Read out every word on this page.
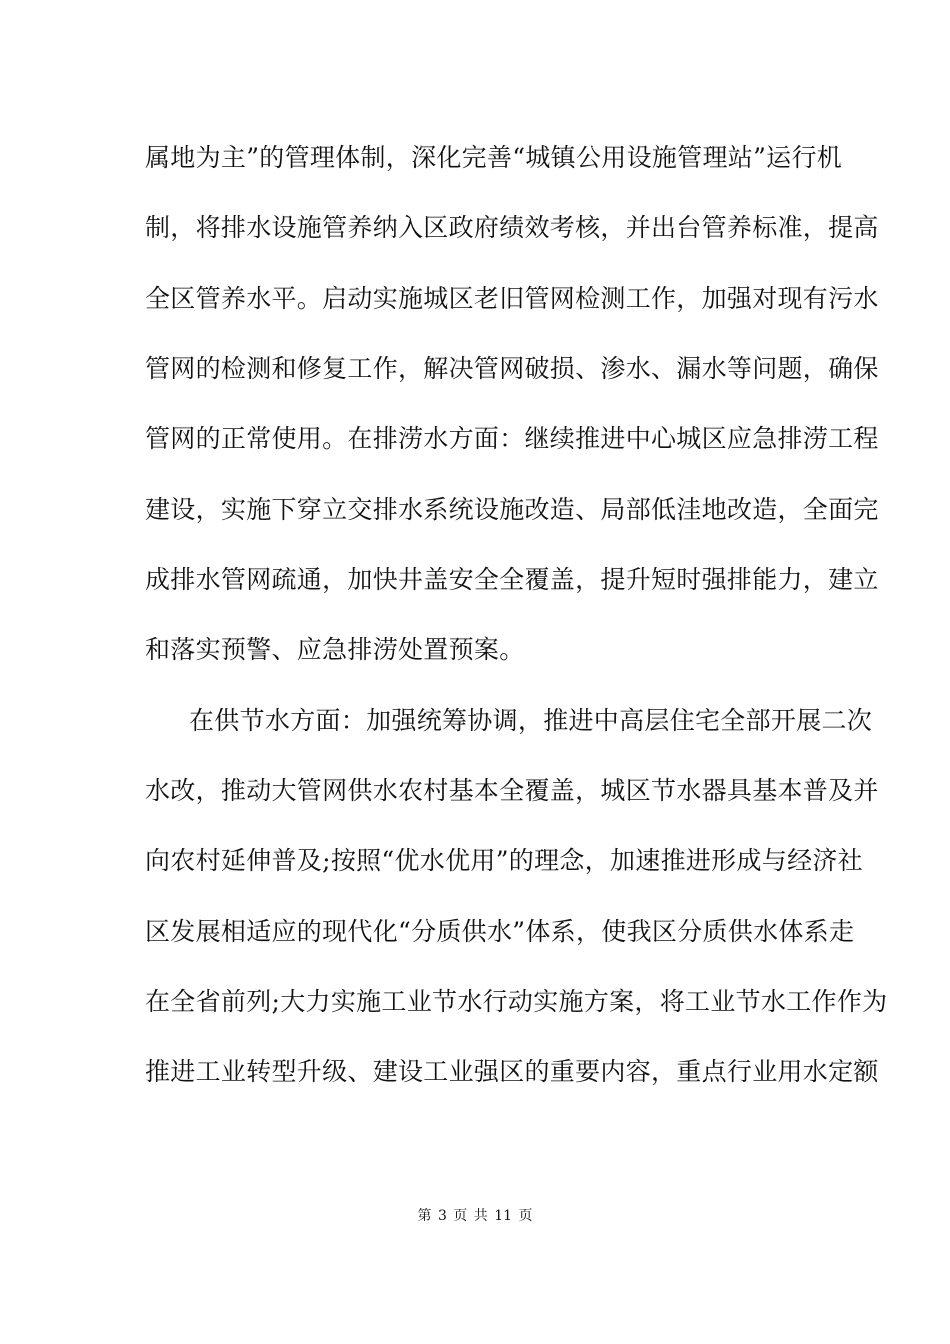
属地为主”的管理体制，深化完善“城镇公用设施管理站”运行机
制，将排水设施管养纳入区政府绩效考核，并出台管养标准，提高
全区管养水平。启动实施城区老旧管网检测工作，加强对现有污水
管网的检测和修复工作，解决管网破损、渗水、漏水等问题，确保
管网的正常使用。在排涝水方面：继续推进中心城区应急排涝工程
建设，实施下穿立交排水系统设施改造、局部低洼地改造，全面完
成排水管网疏通，加快井盖安全全覆盖，提升短时强排能力，建立
和落实预警、应急排涝处置预案。
在供节水方面：加强统筹协调，推进中高层住宅全部开展二次
水改，推动大管网供水农村基本全覆盖，城区节水器具基本普及并
向农村延伸普及;按照“优水优用”的理念，加速推进形成与经济社
区发展相适应的现代化“分质供水”体系，使我区分质供水体系走
在全省前列;大力实施工业节水行动实施方案，将工业节水工作作为
推进工业转型升级、建设工业强区的重要内容，重点行业用水定额
第 3 页 共 11 页
